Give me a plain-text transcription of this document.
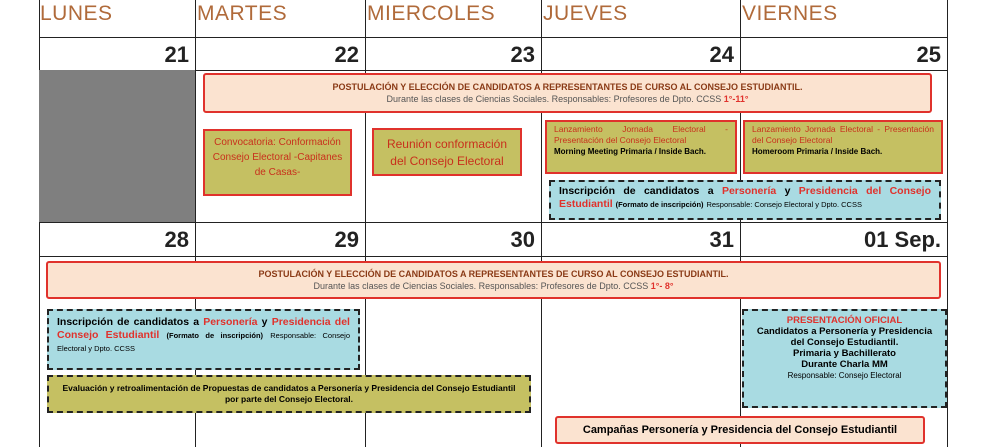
LUNES	MARTES	MIERCOLES JUEVES	VIERNES
21	22	23	24	25
28	29	30	31	01 Sep.
POSTULACIÓN Y ELECCIÓN DE CANDIDATOS A REPRESENTANTES DE CURSO AL CONSEJO ESTUDIANTIL.
Durante las clases de Ciencias Sociales. Responsables: Profesores de Dpto. CCSS 1°-11°
Convocatoria: Conformación Consejo Electoral -Capitanes de Casas-
Reunión conformación del Consejo Electoral
Lanzamiento Jornada Electoral - Presentación del Consejo Electoral
Morning Meeting Primaria / Inside Bach.
Lanzamiento Jornada Electoral - Presentación del Consejo Electoral
Homeroom Primaria / Inside Bach.
Inscripción de candidatos a Personería y Presidencia del Consejo Estudiantil (Formato de inscripción) Responsable: Consejo Electoral y Dpto. CCSS
POSTULACIÓN Y ELECCIÓN DE CANDIDATOS A REPRESENTANTES DE CURSO AL CONSEJO ESTUDIANTIL.
Durante las clases de Ciencias Sociales. Responsables: Profesores de Dpto. CCSS 1°- 8°
Inscripción de candidatos a Personería y Presidencia del Consejo Estudiantil (Formato de inscripción) Responsable: Consejo Electoral y Dpto. CCSS
Evaluación y retroalimentación de Propuestas de candidatos a Personería y Presidencia del Consejo Estudiantil por parte del Consejo Electoral.
PRESENTACIÓN OFICIAL
Candidatos a Personería y Presidencia del Consejo Estudiantil.
Primaria y Bachillerato
Durante Charla MM
Responsable: Consejo Electoral
Campañas Personería y Presidencia del Consejo Estudiantil
